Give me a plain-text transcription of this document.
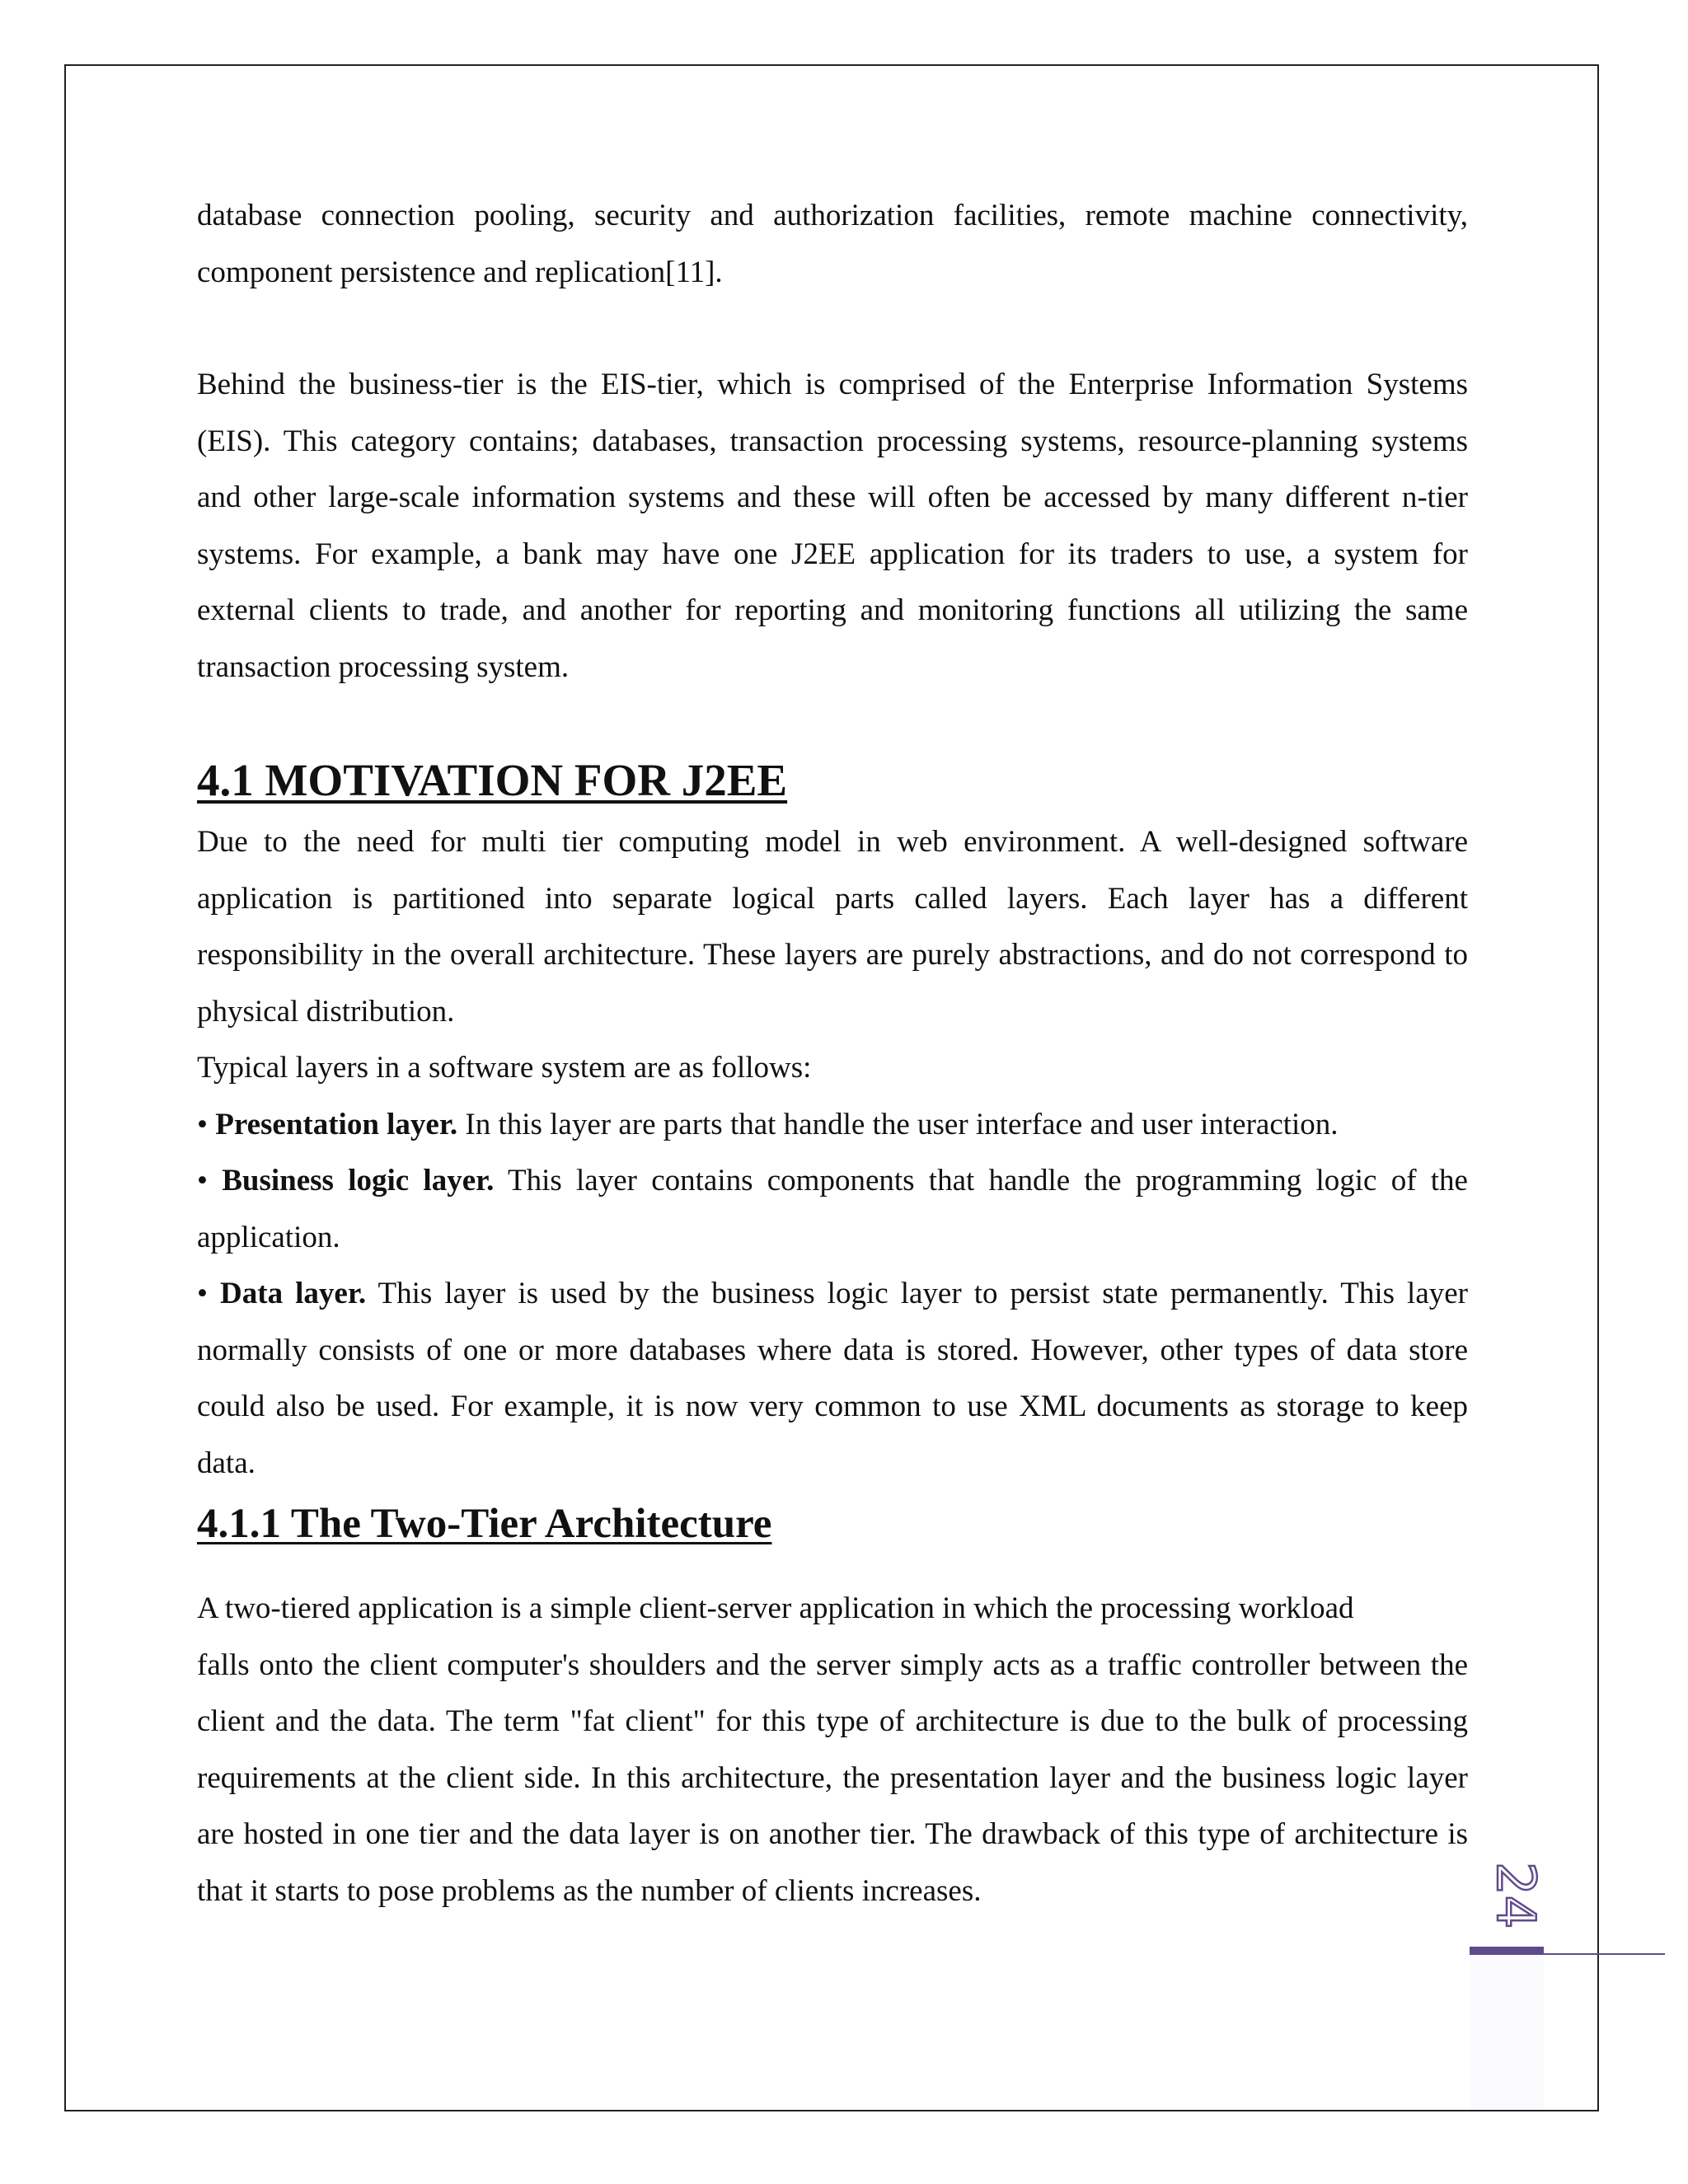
database connection pooling, security and authorization facilities, remote machine connectivity, component persistence and replication[11].

Behind the business-tier is the EIS-tier, which is comprised of the Enterprise Information Systems (EIS). This category contains; databases, transaction processing systems, resource-planning systems and other large-scale information systems and these will often be accessed by many different n-tier systems. For example, a bank may have one J2EE application for its traders to use, a system for external clients to trade, and another for reporting and monitoring functions all utilizing the same transaction processing system.

4.1 MOTIVATION FOR J2EE

Due to the need for multi tier computing model in web environment. A well-designed software application is partitioned into separate logical parts called layers. Each layer has a different responsibility in the overall architecture. These layers are purely abstractions, and do not correspond to physical distribution.

Typical layers in a software system are as follows:

• Presentation layer. In this layer are parts that handle the user interface and user interaction.

• Business logic layer. This layer contains components that handle the programming logic of the application.

• Data layer. This layer is used by the business logic layer to persist state permanently. This layer normally consists of one or more databases where data is stored. However, other types of data store could also be used. For example, it is now very common to use XML documents as storage to keep data.

4.1.1 The Two-Tier Architecture

A two-tiered application is a simple client-server application in which the processing workload

falls onto the client computer's shoulders and the server simply acts as a traffic controller between the client and the data. The term "fat client" for this type of architecture is due to the bulk of processing requirements at the client side. In this architecture, the presentation layer and the business logic layer are hosted in one tier and the data layer is on another tier. The drawback of this type of architecture is that it starts to pose problems as the number of clients increases.	24
